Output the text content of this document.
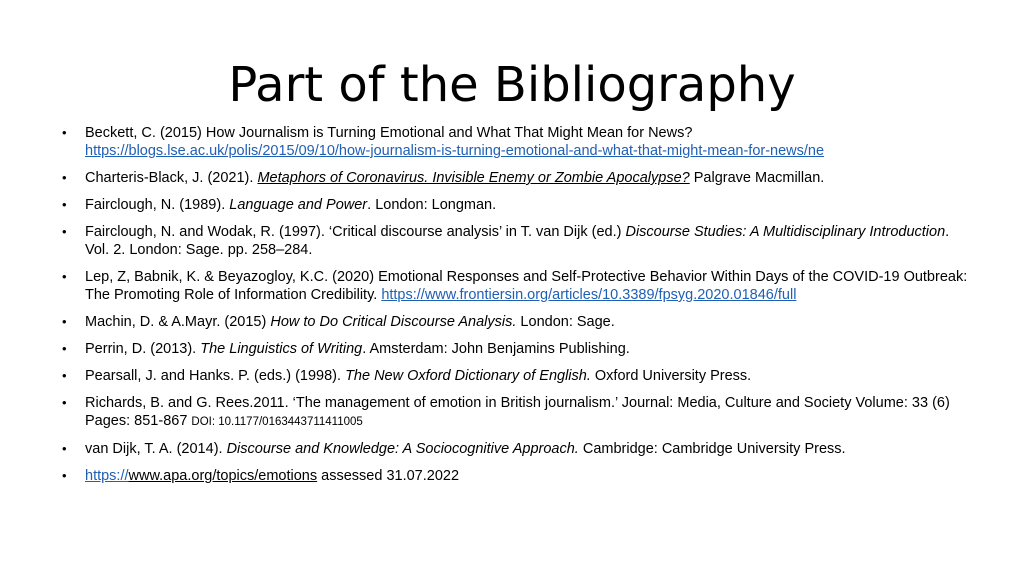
Part of the Bibliography
• Beckett, C. (2015) How Journalism is Turning Emotional and What That Might Mean for News?
https://blogs.lse.ac.uk/polis/2015/09/10/how-journalism-is-turning-emotional-and-what-that-might-mean-for-news/ne
• Charteris-Black, J. (2021). Metaphors of Coronavirus. Invisible Enemy or Zombie Apocalypse? Palgrave Macmillan.
• Fairclough, N. (1989). Language and Power. London: Longman.
• Fairclough, N. and Wodak, R. (1997). ‘Critical discourse analysis’ in T. van Dijk (ed.) Discourse Studies: A Multidisciplinary Introduction. Vol. 2. London: Sage. pp. 258–284.
• Lep, Z, Babnik, K. & Beyazogloy, K.C. (2020) Emotional Responses and Self-Protective Behavior Within Days of the COVID-19 Outbreak: The Promoting Role of Information Credibility. https://www.frontiersin.org/articles/10.3389/fpsyg.2020.01846/full
• Machin, D. & A.Mayr. (2015) How to Do Critical Discourse Analysis. London: Sage.
• Perrin, D. (2013). The Linguistics of Writing. Amsterdam: John Benjamins Publishing.
• Pearsall, J. and Hanks. P. (eds.) (1998). The New Oxford Dictionary of English. Oxford University Press.
• Richards, B. and G. Rees.2011. ‘The management of emotion in British journalism.’ Journal: Media, Culture and Society Volume: 33 (6) Pages: 851-867 DOI: 10.1177/0163443711411005
• van Dijk, T. A. (2014). Discourse and Knowledge: A Sociocognitive Approach. Cambridge: Cambridge University Press.
• https://www.apa.org/topics/emotions assessed 31.07.2022
